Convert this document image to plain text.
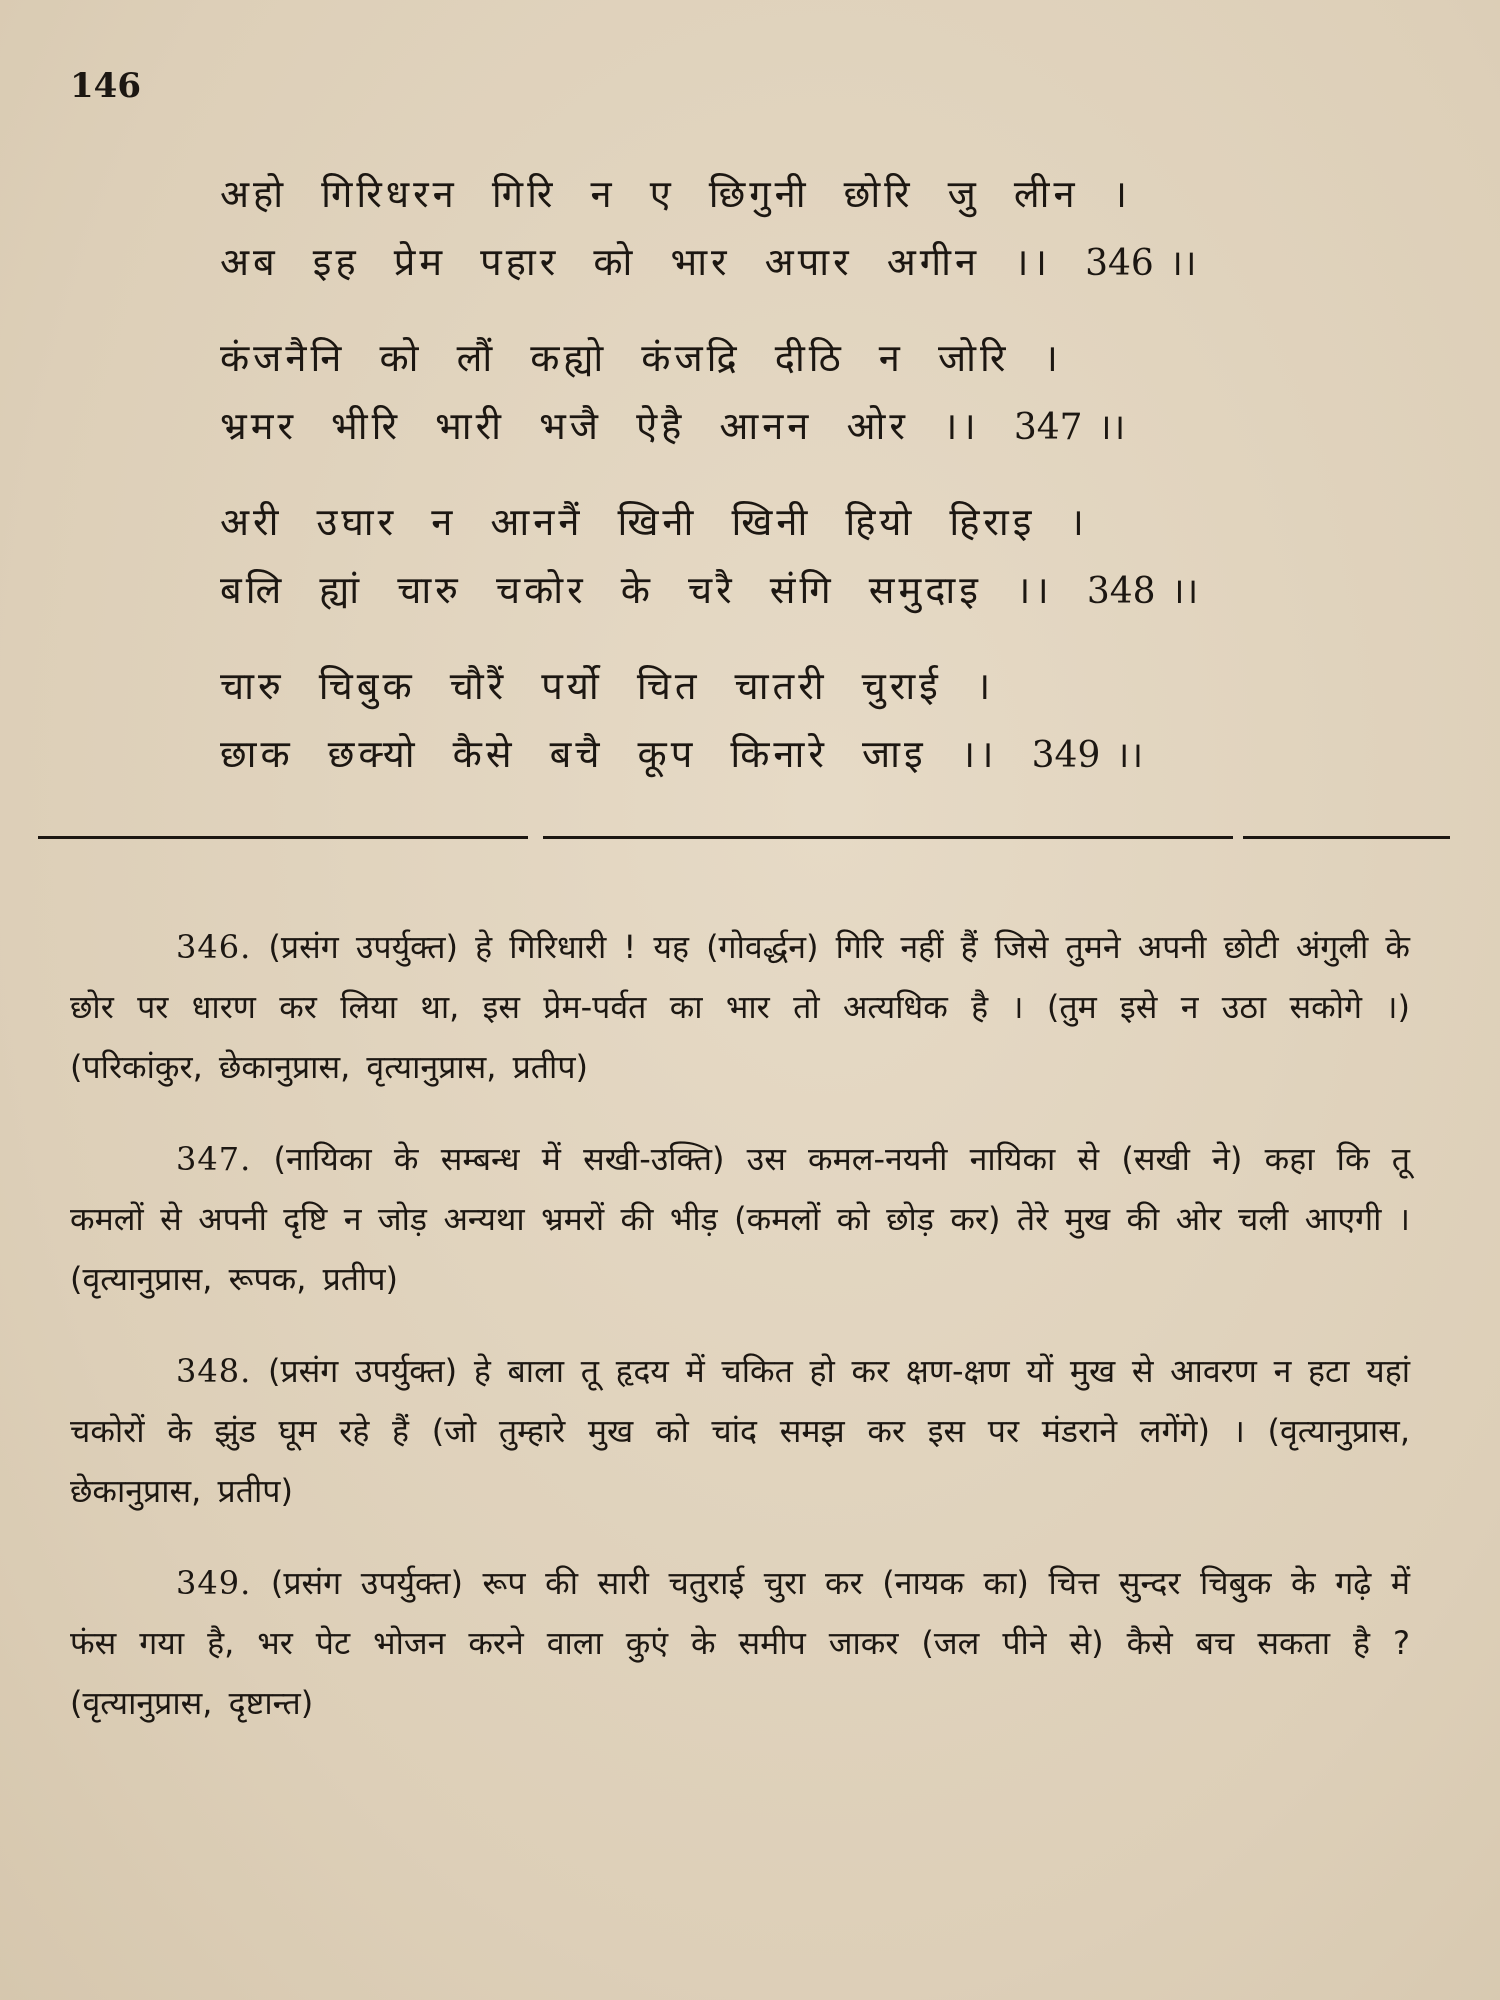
146
अहो गिरिधरन गिरि न ए छिगुनी छोरि जु लीन ।
अब इह प्रेम पहार को भार अपार अगीन ।। 346 ।।
कंजनैनि को लौं कह्यो कंजद्रि दीठि न जोरि ।
भ्रमर भीरि भारी भजै ऐहै आनन ओर ।। 347 ।।
अरी उघार न आननैं खिनी खिनी हियो हिराइ ।
बलि ह्यां चारु चकोर के चरै संगि समुदाइ ।। 348 ।।
चारु चिबुक चौरैं पर्यो चित चातरी चुराई ।
छाक छक्यो कैसे बचै कूप किनारे जाइ ।। 349 ।।

346. (प्रसंग उपर्युक्त) हे गिरिधारी ! यह (गोवर्द्धन) गिरि नहीं हैं जिसे तुमने अपनी छोटी अंगुली के छोर पर धारण कर लिया था, इस प्रेम-पर्वत का भार तो अत्यधिक है । (तुम इसे न उठा सकोगे ।) (परिकांकुर, छेकानुप्रास, वृत्यानुप्रास, प्रतीप)

347. (नायिका के सम्बन्ध में सखी-उक्ति) उस कमल-नयनी नायिका से (सखी ने) कहा कि तू कमलों से अपनी दृष्टि न जोड़ अन्यथा भ्रमरों की भीड़ (कमलों को छोड़ कर) तेरे मुख की ओर चली आएगी । (वृत्यानुप्रास, रूपक, प्रतीप)

348. (प्रसंग उपर्युक्त) हे बाला तू हृदय में चकित हो कर क्षण-क्षण यों मुख से आवरण न हटा यहां चकोरों के झुंड घूम रहे हैं (जो तुम्हारे मुख को चांद समझ कर इस पर मंडराने लगेंगे) । (वृत्यानुप्रास, छेकानुप्रास, प्रतीप)

349. (प्रसंग उपर्युक्त) रूप की सारी चतुराई चुरा कर (नायक का) चित्त सुन्दर चिबुक के गढ़े में फंस गया है, भर पेट भोजन करने वाला कुएं के समीप जाकर (जल पीने से) कैसे बच सकता है ? (वृत्यानुप्रास, दृष्टान्त)
